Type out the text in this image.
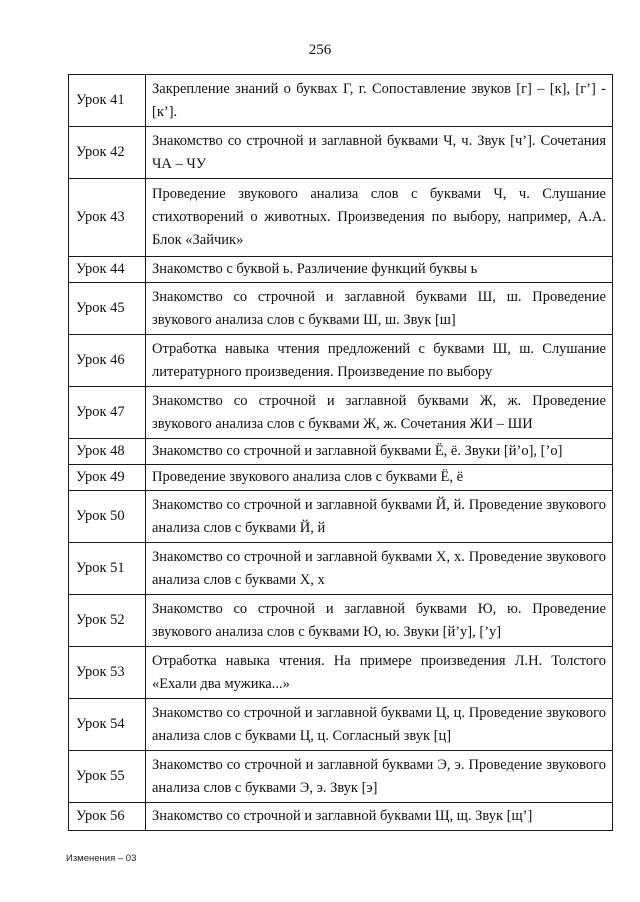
256
Урок 41	Закрепление знаний о буквах Г, г. Сопоставление звуков [г] – [к], [г’] - [к’].
Урок 42	Знакомство со строчной и заглавной буквами Ч, ч. Звук [ч’]. Сочетания ЧА – ЧУ
Урок 43	Проведение звукового анализа слов с буквами Ч, ч. Слушание стихотворений о животных. Произведения по выбору, например, А.А. Блок «Зайчик»
Урок 44	Знакомство с буквой ь. Различение функций буквы ь
Урок 45	Знакомство со строчной и заглавной буквами Ш, ш. Проведение звукового анализа слов с буквами Ш, ш. Звук [ш]
Урок 46	Отработка навыка чтения предложений с буквами Ш, ш. Слушание литературного произведения. Произведение по выбору
Урок 47	Знакомство со строчной и заглавной буквами Ж, ж. Проведение звукового анализа слов с буквами Ж, ж. Сочетания ЖИ – ШИ
Урок 48	Знакомство со строчной и заглавной буквами Ё, ё. Звуки [й’о], [’о]
Урок 49	Проведение звукового анализа слов с буквами Ё, ё
Урок 50	Знакомство со строчной и заглавной буквами Й, й. Проведение звукового анализа слов с буквами Й, й
Урок 51	Знакомство со строчной и заглавной буквами Х, х. Проведение звукового анализа слов с буквами Х, х
Урок 52	Знакомство со строчной и заглавной буквами Ю, ю. Проведение звукового анализа слов с буквами Ю, ю. Звуки [й’у], [’у]
Урок 53	Отработка навыка чтения. На примере произведения Л.Н. Толстого «Ехали два мужика...»
Урок 54	Знакомство со строчной и заглавной буквами Ц, ц. Проведение звукового анализа слов с буквами Ц, ц. Согласный звук [ц]
Урок 55	Знакомство со строчной и заглавной буквами Э, э. Проведение звукового анализа слов с буквами Э, э. Звук [э]
Урок 56	Знакомство со строчной и заглавной буквами Щ, щ. Звук [щ’]
Изменения – 03
